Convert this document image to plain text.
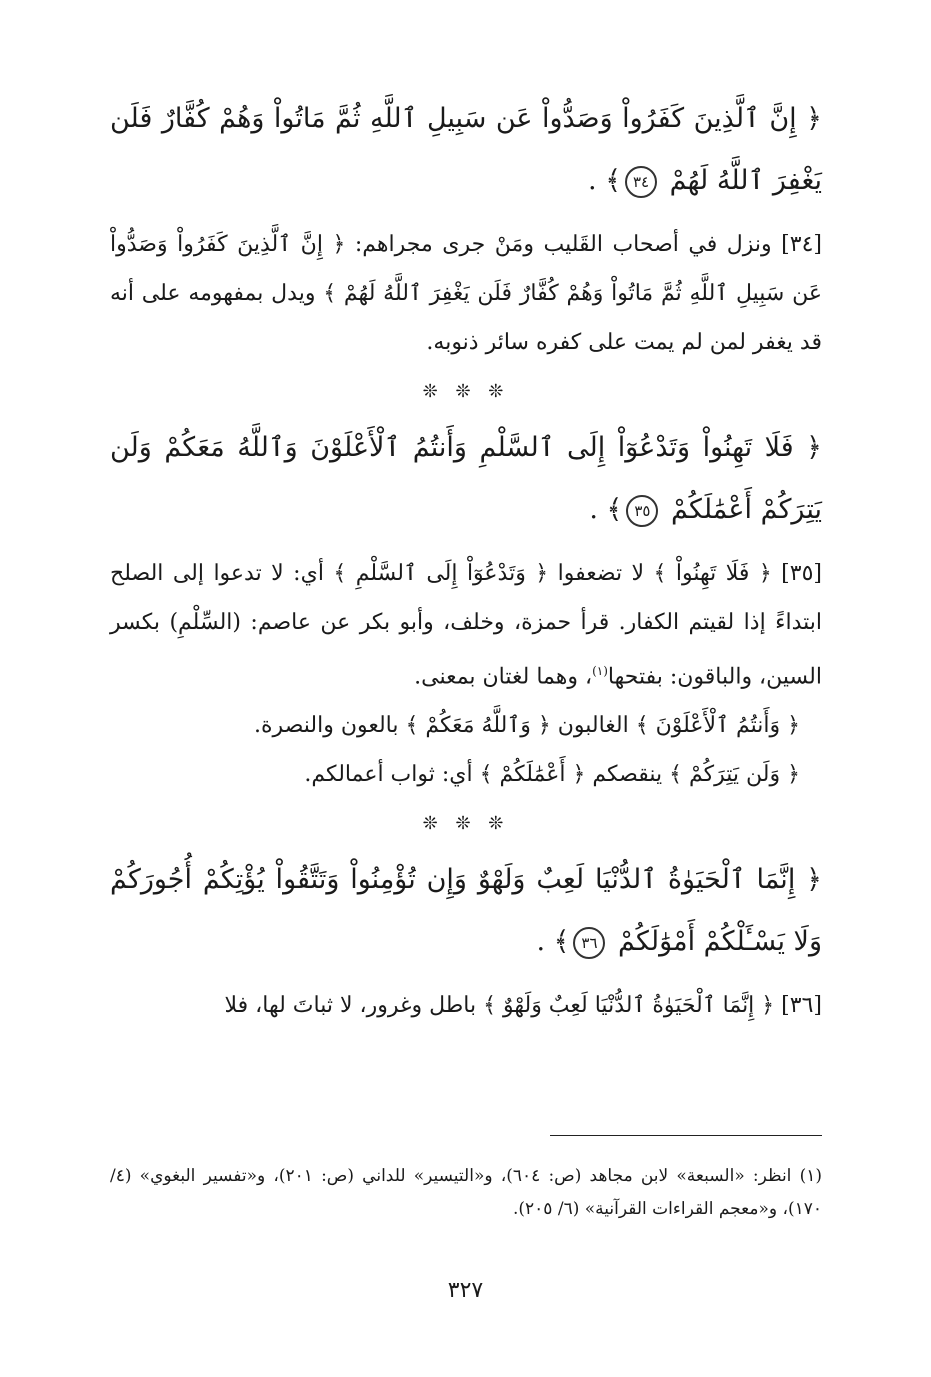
﴿ إِنَّ ٱلَّذِينَ كَفَرُواْ وَصَدُّواْ عَن سَبِيلِ ٱللَّهِ ثُمَّ مَاتُواْ وَهُمْ كُفَّارٌ فَلَن يَغْفِرَ ٱللَّهُ لَهُمْ ٣٤﴾ .

[٣٤] ونزل في أصحاب القَليب ومَنْ جرى مجراهم: ﴿ إِنَّ ٱلَّذِينَ كَفَرُواْ وَصَدُّواْ عَن سَبِيلِ ٱللَّهِ ثُمَّ مَاتُواْ وَهُمْ كُفَّارٌ فَلَن يَغْفِرَ ٱللَّهُ لَهُمْ ﴾ ويدل بمفهومه على أنه قد يغفر لمن لم يمت على كفره سائر ذنوبه.

❊ ❊ ❊

﴿ فَلَا تَهِنُواْ وَتَدْعُوٓاْ إِلَى ٱلسَّلْمِ وَأَنتُمُ ٱلْأَعْلَوْنَ وَٱللَّهُ مَعَكُمْ وَلَن يَتِرَكُمْ أَعْمَٰلَكُمْ ٣٥﴾ .

[٣٥] ﴿ فَلَا تَهِنُواْ ﴾ لا تضعفوا ﴿ وَتَدْعُوٓاْ إِلَى ٱلسَّلْمِ ﴾ أي: لا تدعوا إلى الصلح ابتداءً إذا لقيتم الكفار. قرأ حمزة، وخلف، وأبو بكر عن عاصم: (السِّلْمِ) بكسر السين، والباقون: بفتحها$^{(١)}$، وهما لغتان بمعنى.

﴿ وَأَنتُمُ ٱلْأَعْلَوْنَ ﴾ الغالبون ﴿ وَٱللَّهُ مَعَكُمْ ﴾ بالعون والنصرة.

﴿ وَلَن يَتِرَكُمْ ﴾ ينقصكم ﴿ أَعْمَٰلَكُمْ ﴾ أي: ثواب أعمالكم.

❊ ❊ ❊

﴿ إِنَّمَا ٱلْحَيَوٰةُ ٱلدُّنْيَا لَعِبٌ وَلَهْوٌ وَإِن تُؤْمِنُواْ وَتَتَّقُواْ يُؤْتِكُمْ أُجُورَكُمْ وَلَا يَسْـَٔلْكُمْ أَمْوَٰلَكُمْ ٣٦﴾ .

[٣٦] ﴿ إِنَّمَا ٱلْحَيَوٰةُ ٱلدُّنْيَا لَعِبٌ وَلَهْوٌ ﴾ باطل وغرور، لا ثباتَ لها، فلا

(١) انظر: «السبعة» لابن مجاهد (ص: ٦٠٤)، و«التيسير» للداني (ص: ٢٠١)، و«تفسير البغوي» (٤/ ١٧٠)، و«معجم القراءات القرآنية» (٦/ ٢٠٥).
٣٢٧
